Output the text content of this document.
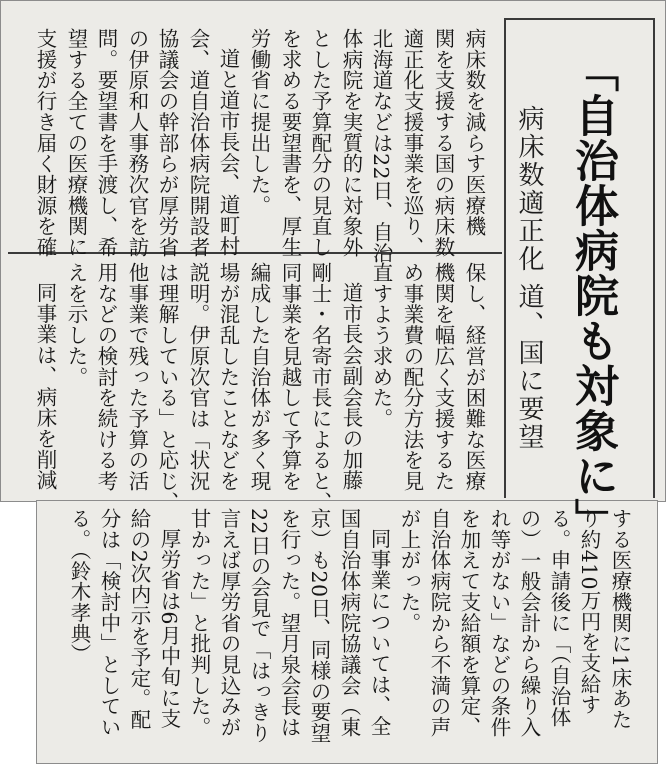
「自治体病院も対象に」
病床数適正化 道、国に要望
病床数を減らす医療機
関を支援する国の病床数
適正化支援事業を巡り、
北海道などは22日、自治
体病院を実質的に対象外
とした予算配分の見直し
を求める要望書を、厚生
労働省に提出した。
道と道市長会、道町村
会、道自治体病院開設者
協議会の幹部らが厚労省
の伊原和人事務次官を訪
問。要望書を手渡し、希
望する全ての医療機関に
支援が行き届く財源を確
保し、経営が困難な医療
機関を幅広く支援するた
め事業費の配分方法を見
直すよう求めた。
道市長会副会長の加藤
剛士・名寄市長によると、
同事業を見越して予算を
編成した自治体が多く現
場が混乱したことなどを
説明。伊原次官は「状況
は理解している」と応じ、
他事業で残った予算の活
用などの検討を続ける考
えを示した。
同事業は、病床を削減
する医療機関に1床あた
り約410万円を支給す
る。申請後に「（自治体
の）一般会計から繰り入
れ等がない」などの条件
を加えて支給額を算定、
自治体病院から不満の声
が上がった。
同事業については、全
国自治体病院協議会（東
京）も20日、同様の要望
を行った。望月泉会長は
22日の会見で「はっきり
言えば厚労省の見込みが
甘かった」と批判した。
厚労省は6月中旬に支
給の2次内示を予定。配
分は「検討中」としてい
る。（鈴木孝典）
